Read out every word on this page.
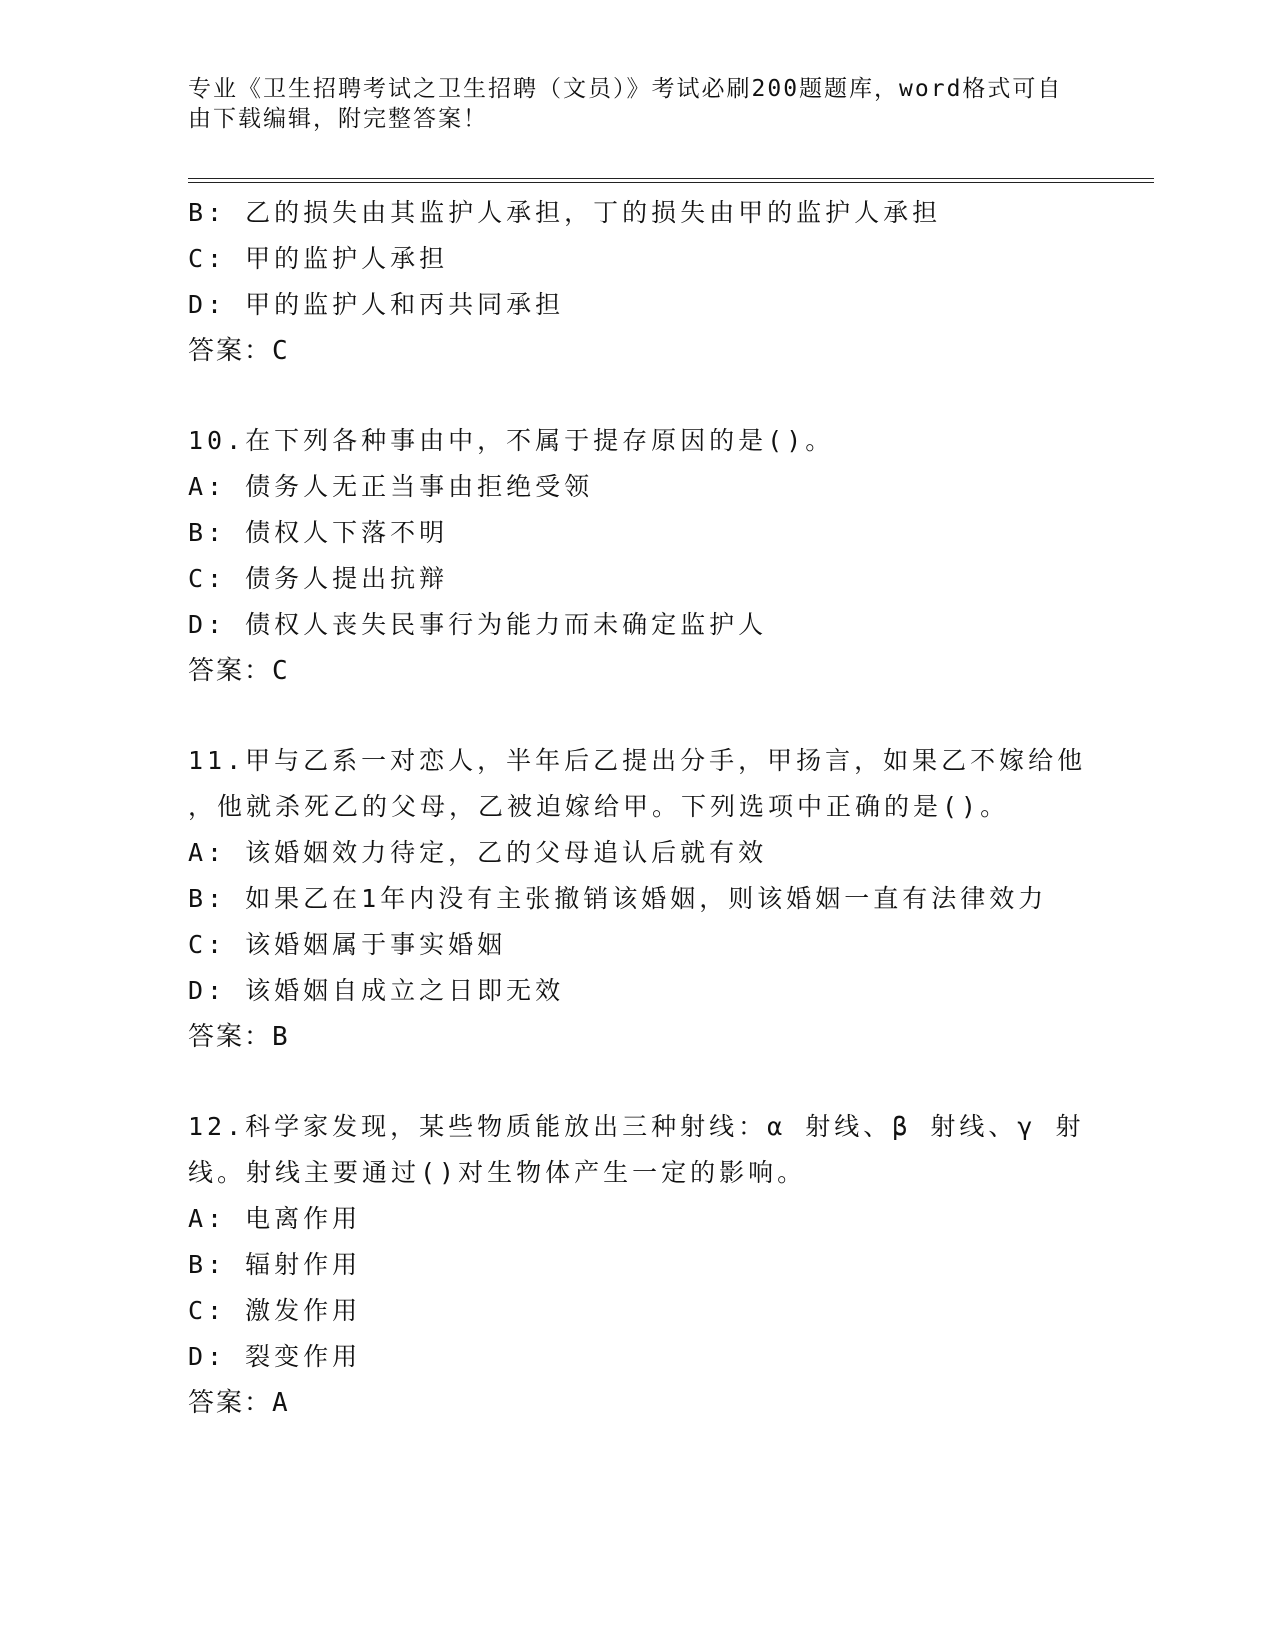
专业《卫生招聘考试之卫生招聘（文员）》考试必刷200题题库，word格式可自由下载编辑，附完整答案！
B: 乙的损失由其监护人承担，丁的损失由甲的监护人承担
C: 甲的监护人承担
D: 甲的监护人和丙共同承担
答案：C
10.在下列各种事由中，不属于提存原因的是()。
A: 债务人无正当事由拒绝受领
B: 债权人下落不明
C: 债务人提出抗辩
D: 债权人丧失民事行为能力而未确定监护人
答案：C
11.甲与乙系一对恋人，半年后乙提出分手，甲扬言，如果乙不嫁给他
，他就杀死乙的父母，乙被迫嫁给甲。下列选项中正确的是()。
A: 该婚姻效力待定，乙的父母追认后就有效
B: 如果乙在1年内没有主张撤销该婚姻，则该婚姻一直有法律效力
C: 该婚姻属于事实婚姻
D: 该婚姻自成立之日即无效
答案：B
12.科学家发现，某些物质能放出三种射线：α 射线、β 射线、γ 射
线。射线主要通过()对生物体产生一定的影响。
A: 电离作用
B: 辐射作用
C: 激发作用
D: 裂变作用
答案：A
